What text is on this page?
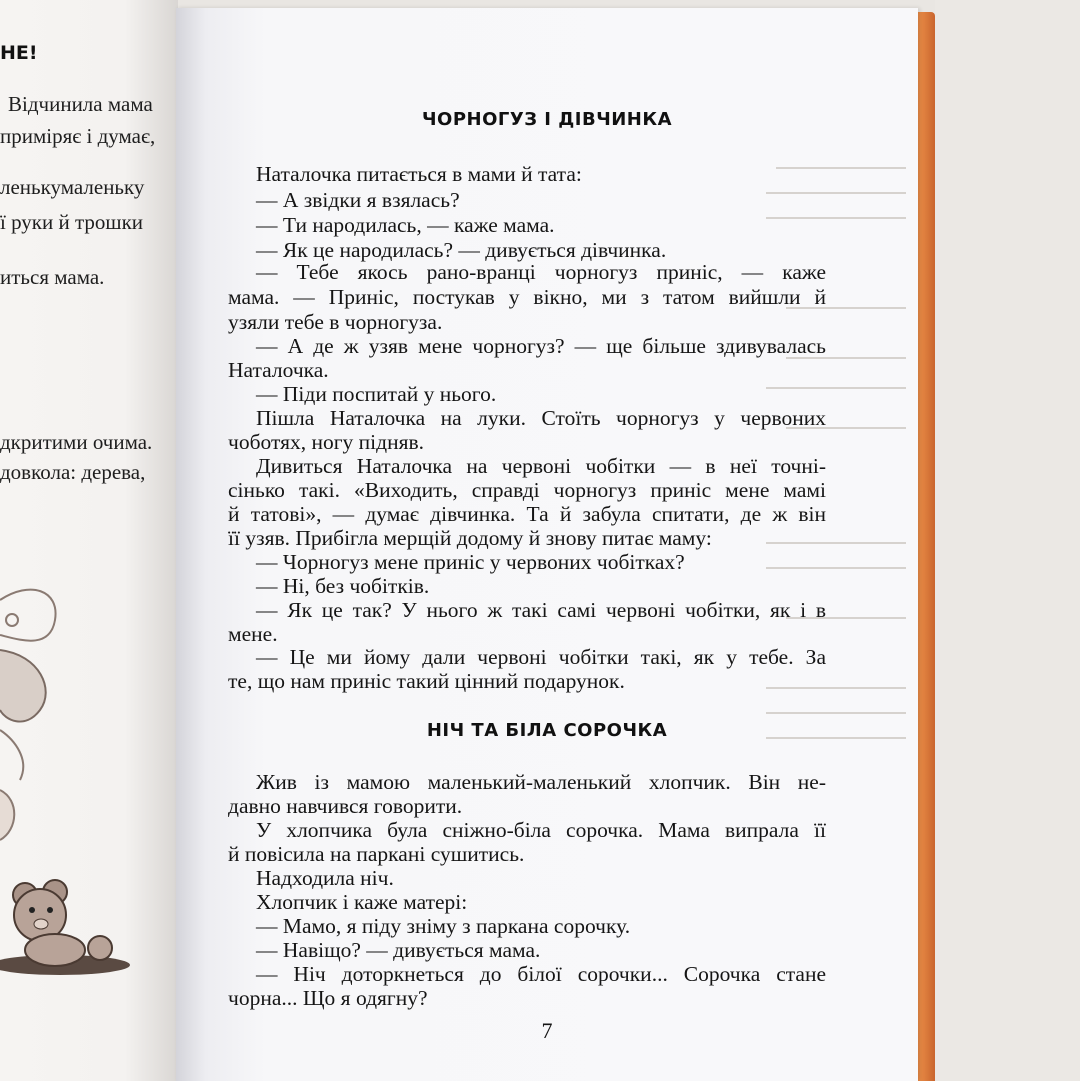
НЕ!
Відчинила мама
приміряє і думає,
ленькумаленьку
ї руки й трошки
иться мама.
дкритими очима.
довкола: дерева,
ЧОРНОГУЗ І ДІВЧИНКА
Наталочка питається в мами й тата:
— А звідки я взялась?
— Ти народилась, — каже мама.
— Як це народилась? — дивується дівчинка.
— Тебе якось рано-вранці чорногуз приніс, — каже
мама. — Приніс, постукав у вікно, ми з татом вийшли й
узяли тебе в чорногуза.
— А де ж узяв мене чорногуз? — ще більше здивувалась
Наталочка.
— Піди поспитай у нього.
Пішла Наталочка на луки. Стоїть чорногуз у червоних
чоботях, ногу підняв.
Дивиться Наталочка на червоні чобітки — в неї точні-
сінько такі. «Виходить, справді чорногуз приніс мене мамі
й татові», — думає дівчинка. Та й забула спитати, де ж він
її узяв. Прибігла мерщій додому й знову питає маму:
— Чорногуз мене приніс у червоних чобітках?
— Ні, без чобітків.
— Як це так? У нього ж такі самі червоні чобітки, як і в
мене.
— Це ми йому дали червоні чобітки такі, як у тебе. За
те, що нам приніс такий цінний подарунок.
НІЧ ТА БІЛА СОРОЧКА
Жив із мамою маленький-маленький хлопчик. Він не-
давно навчився говорити.
У хлопчика була сніжно-біла сорочка. Мама випрала її
й повісила на паркані сушитись.
Надходила ніч.
Хлопчик і каже матері:
— Мамо, я піду зніму з паркана сорочку.
— Навіщо? — дивується мама.
— Ніч доторкнеться до білої сорочки... Сорочка стане
чорна... Що я одягну?
7
